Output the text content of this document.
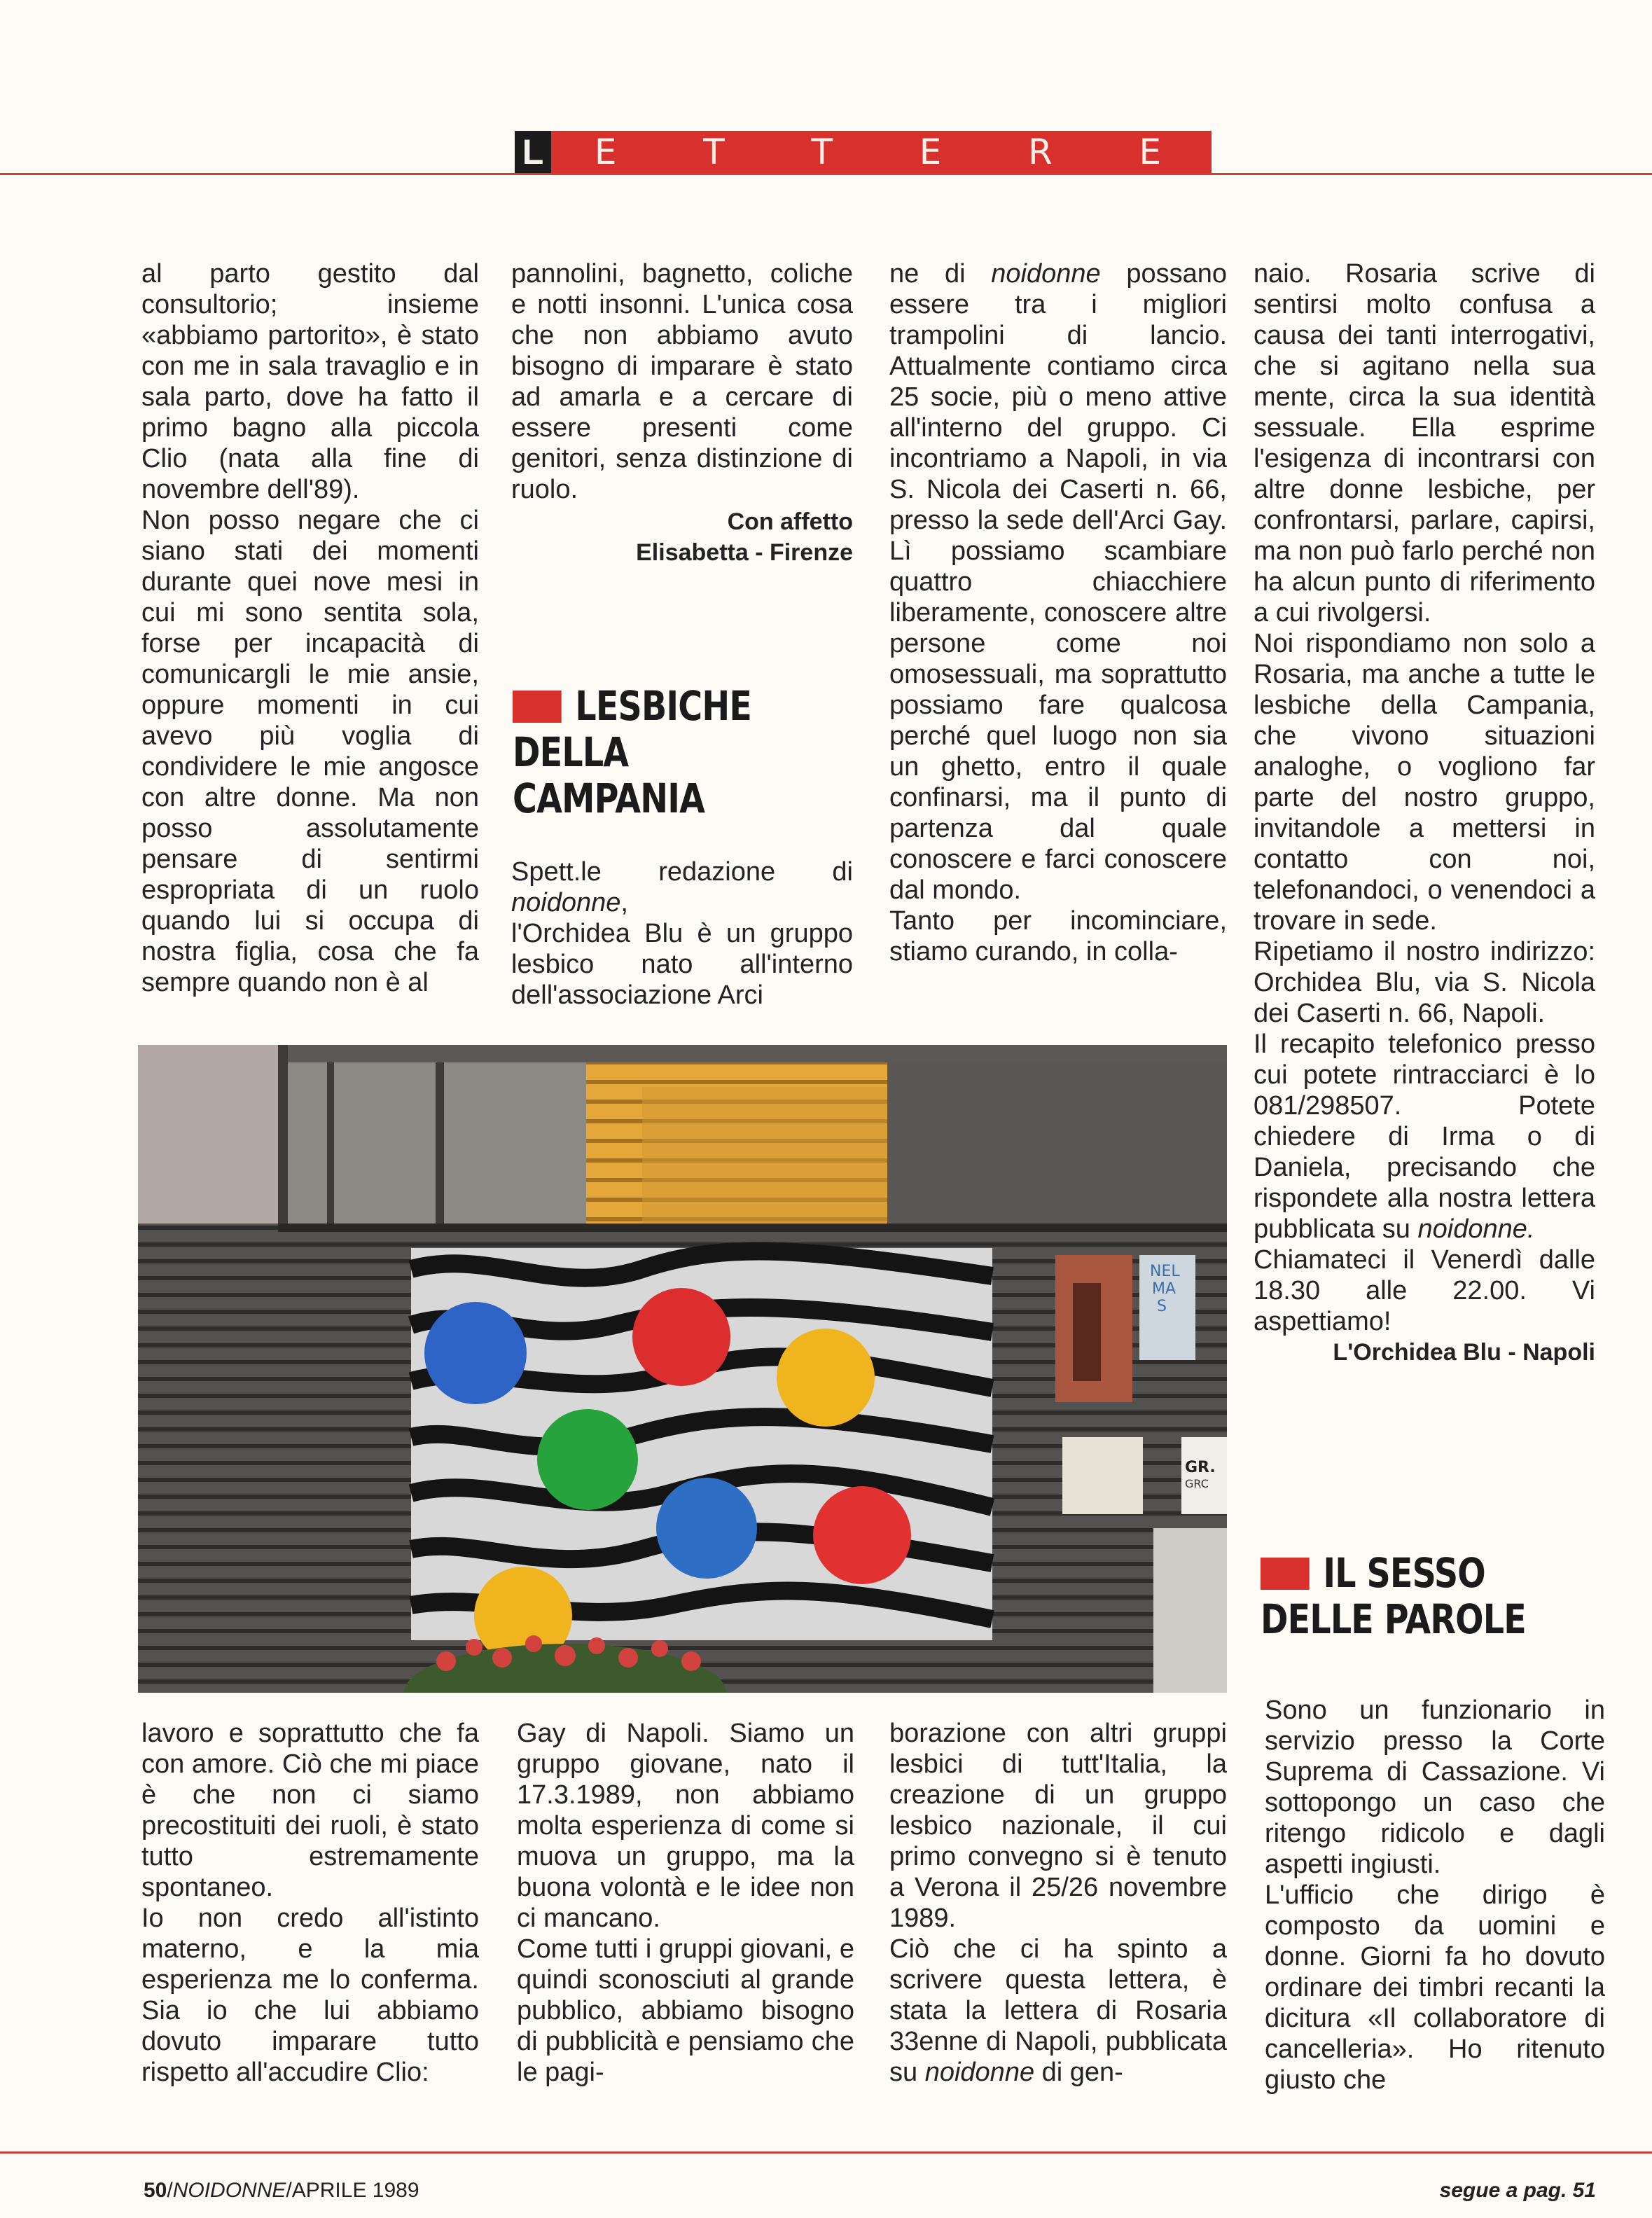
L E T T E R E

al parto gestito dal consultorio; insieme «abbiamo partorito», è stato con me in sala travaglio e in sala parto, dove ha fatto il primo bagno alla piccola Clio (nata alla fine di novembre dell'89).

Non posso negare che ci siano stati dei momenti durante quei nove mesi in cui mi sono sentita sola, forse per incapacità di comunicargli le mie ansie, oppure momenti in cui avevo più voglia di condividere le mie angosce con altre donne. Ma non posso assolutamente pensare di sentirmi espropriata di un ruolo quando lui si occupa di nostra figlia, cosa che fa sempre quando non è al

pannolini, bagnetto, coliche e notti insonni. L'unica cosa che non abbiamo avuto bisogno di imparare è stato ad amarla e a cercare di essere presenti come genitori, senza distinzione di ruolo.

Con affetto
Elisabetta - Firenze
LESBICHE
DELLA
CAMPANIA

Spett.le redazione di noidonne,

l'Orchidea Blu è un gruppo lesbico nato all'interno dell'associazione Arci

ne di noidonne possano essere tra i migliori trampolini di lancio. Attualmente contiamo circa 25 socie, più o meno attive all'interno del gruppo. Ci incontriamo a Napoli, in via S. Nicola dei Caserti n. 66, presso la sede dell'Arci Gay. Lì possiamo scambiare quattro chiacchiere liberamente, conoscere altre persone come noi omosessuali, ma soprattutto possiamo fare qualcosa perché quel luogo non sia un ghetto, entro il quale confinarsi, ma il punto di partenza dal quale conoscere e farci conoscere dal mondo.

Tanto per incominciare, stiamo curando, in colla-

naio. Rosaria scrive di sentirsi molto confusa a causa dei tanti interrogativi, che si agitano nella sua mente, circa la sua identità sessuale. Ella esprime l'esigenza di incontrarsi con altre donne lesbiche, per confrontarsi, parlare, capirsi, ma non può farlo perché non ha alcun punto di riferimento a cui rivolgersi.

Noi rispondiamo non solo a Rosaria, ma anche a tutte le lesbiche della Campania, che vivono situazioni analoghe, o vogliono far parte del nostro gruppo, invitandole a mettersi in contatto con noi, telefonandoci, o venendoci a trovare in sede.

Ripetiamo il nostro indirizzo: Orchidea Blu, via S. Nicola dei Caserti n. 66, Napoli.

Il recapito telefonico presso cui potete rintracciarci è lo 081/298507. Potete chiedere di Irma o di Daniela, precisando che rispondete alla nostra lettera pubblicata su noidonne.

Chiamateci il Venerdì dalle 18.30 alle 22.00. Vi aspettiamo!

L'Orchidea Blu - Napoli
IL SESSO
DELLE PAROLE

Sono un funzionario in servizio presso la Corte Suprema di Cassazione. Vi sottopongo un caso che ritengo ridicolo e dagli aspetti ingiusti.

L'ufficio che dirigo è composto da uomini e donne. Giorni fa ho dovuto ordinare dei timbri recanti la dicitura «Il collaboratore di cancelleria». Ho ritenuto giusto che

NEL
MA
S
GR.
GRC

lavoro e soprattutto che fa con amore. Ciò che mi piace è che non ci siamo precostituiti dei ruoli, è stato tutto estremamente spontaneo.

Io non credo all'istinto materno, e la mia esperienza me lo conferma. Sia io che lui abbiamo dovuto imparare tutto rispetto all'accudire Clio:

Gay di Napoli. Siamo un gruppo giovane, nato il 17.3.1989, non abbiamo molta esperienza di come si muova un gruppo, ma la buona volontà e le idee non ci mancano.

Come tutti i gruppi giovani, e quindi sconosciuti al grande pubblico, abbiamo bisogno di pubblicità e pensiamo che le pagi-

borazione con altri gruppi lesbici di tutt'Italia, la creazione di un gruppo lesbico nazionale, il cui primo convegno si è tenuto a Verona il 25/26 novembre 1989.

Ciò che ci ha spinto a scrivere questa lettera, è stata la lettera di Rosaria 33enne di Napoli, pubblicata su noidonne di gen-

50/NOIDONNE/APRILE 1989	segue a pag. 51
